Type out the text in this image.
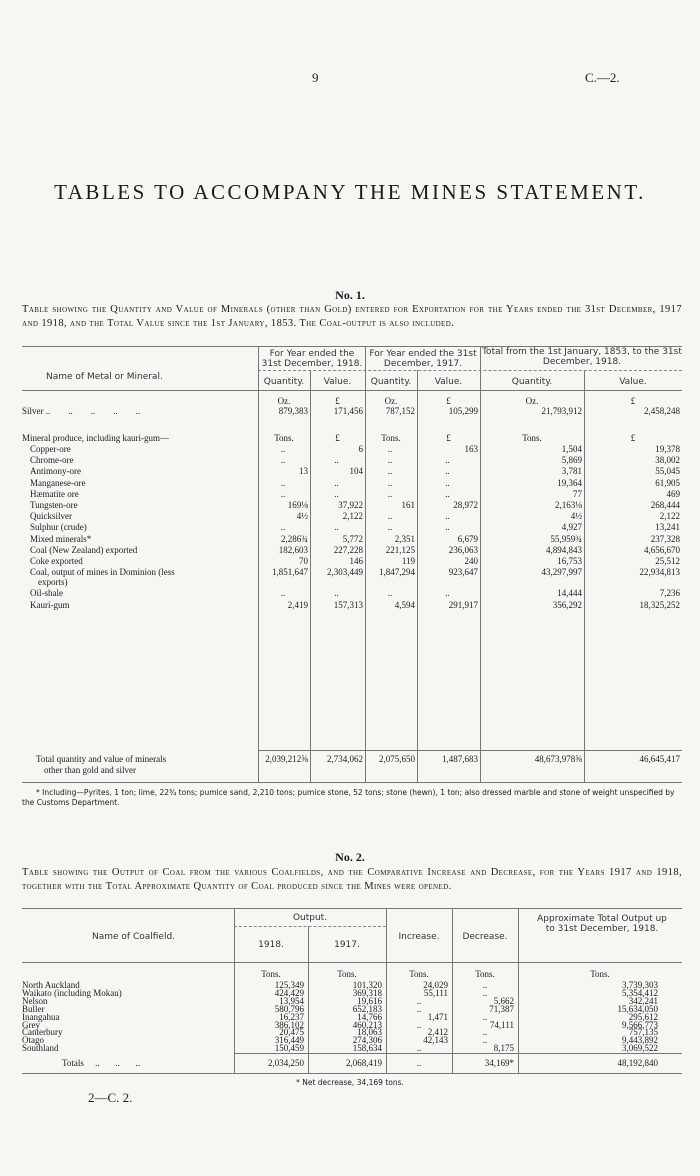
9	C.—2.
TABLES TO ACCOMPANY THE MINES STATEMENT.
No. 1.
Table showing the Quantity and Value of Minerals (other than Gold) entered for Exportation for the Years ended the 31st December, 1917 and 1918, and the Total Value since the 1st January, 1853. The Coal-output is also included.
Name of Metal or Mineral.
For Year ended the 31st December, 1918.
For Year ended the 31st December, 1917.
Total from the 1st January, 1853, to the 31st December, 1918.
Quantity.	Value.	Quantity.	Value.	Quantity.	Value.
Oz.	£	Oz.	£	Oz.	£
Silver ..        ..        ..        ..        ..	879,383	171,456	787,152	105,299	21,793,912	2,458,248
Mineral produce, including kauri-gum—	Tons.	£	Tons.	£	Tons.	£
Copper-ore	..	6	..	163	1,504	19,378
Chrome-ore	..	..	..	..	5,869	38,002
Antimony-ore	13	104	..	..	3,781	55,045
Manganese-ore	..	..	..	..	19,364	61,905
Hæmatite ore	..	..	..	..	77	469
Tungsten-ore	169⅛	37,922	161	28,972	2,163⅛	268,444
Quicksilver	4½	2,122	..	..	4½	2,122
Sulphur (crude)	..	..	..	..	4,927	13,241
Mixed minerals*	2,286¾	5,772	2,351	6,679	55,959¾	237,328
Coal (New Zealand) exported	182,603	227,228	221,125	236,063	4,894,843	4,656,670
Coke exported	70	146	119	240	16,753	25,512
Coal, output of mines in Dominion (less	1,851,647	2,303,449	1,847,294	923,647	43,297,997	22,934,813
exports)
Oil-shale	..	..	..	..	14,444	7,236
Kauri-gum	2,419	157,313	4,594	291,917	356,292	18,325,252
Total quantity and value of minerals
other than gold and silver
2,039,212⅝	2,734,062	2,075,650	1,487,683	48,673,978⅝	46,645,417
* Including—Pyrites, 1 ton; lime, 22¾ tons; pumice sand, 2,210 tons; pumice stone, 52 tons; stone (hewn), 1 ton; also dressed marble and stone of weight unspecified by the Customs Department.
No. 2.
Table showing the Output of Coal from the various Coalfields, and the Comparative Increase and Decrease, for the Years 1917 and 1918, together with the Total Approximate Quantity of Coal produced since the Mines were opened.
Name of Coalfield.
Output.
1918.	1917.
Increase.	Decrease.
Approximate Total Output up to 31st December, 1918.
Tons.	Tons.	Tons.	Tons.	Tons.
North Auckland	125,349	101,320	24,029	..	3,739,303
Waikato (including Mokau)	424,429	369,318	55,111	..	5,354,412
Nelson	13,954	19,616	..	5,662	342,241
Buller	580,796	652,183	..	71,387	15,634,050
Inangahua	16,237	14,766	1,471	..	295,612
Grey	386,102	460,213	..	74,111	9,566,773
Canterbury	20,475	18,063	2,412	..	757,135
Otago	316,449	274,306	42,143	..	9,443,892
Southland	150,459	158,634	..	8,175	3,069,522
Totals     ..       ..       ..	2,034,250	2,068,419	..	34,169*	48,192,840
* Net decrease, 34,169 tons.
2—C. 2.
